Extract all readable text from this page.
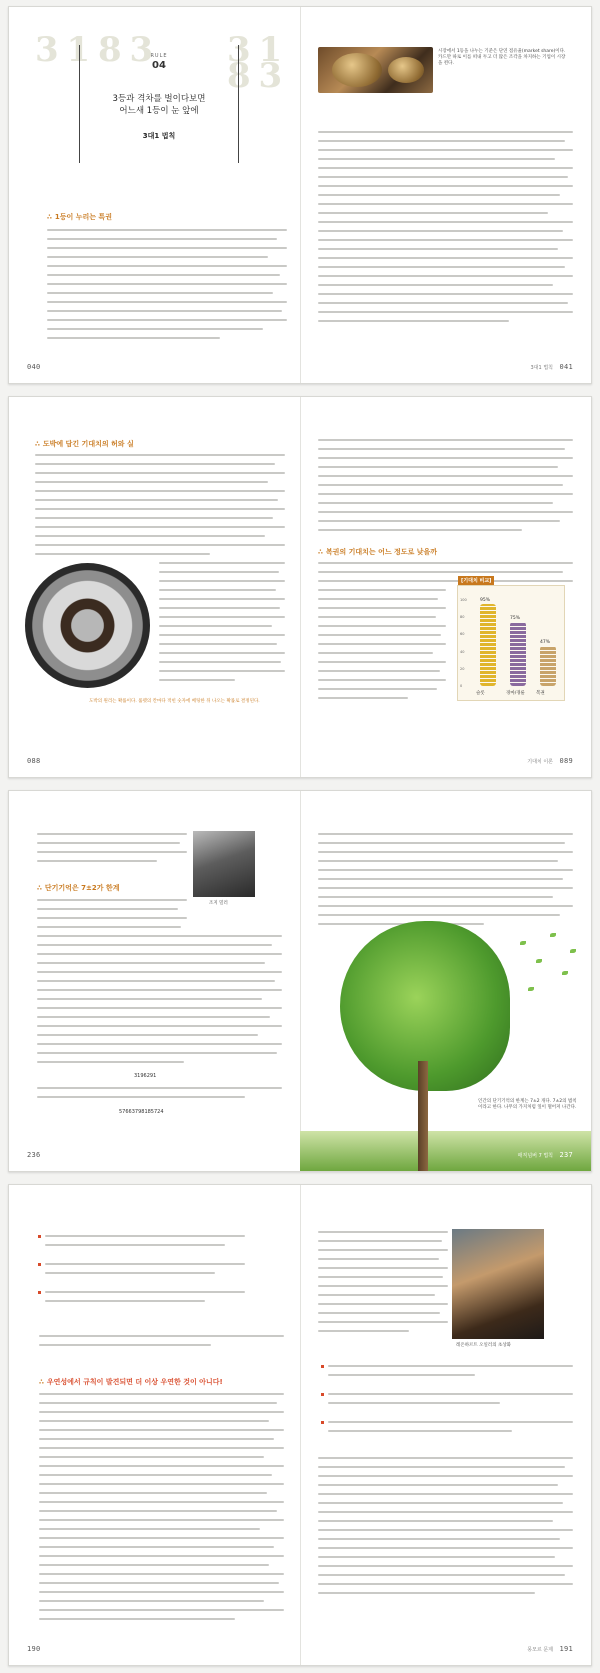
3 1 8 3 3 1 8 3
RULE
04
3등과 격차를 벌이다보면
어느새 1등이 눈 앞에
3대1 법칙
∴ 1등이 누리는 특권
040
시장에서 1등을 나누는 기준은 단연 점유율(market share)이다. 카드만 따로 이를 떠내 두고 더 많은 조각을 차지하는 기업이 시장을 쥔다.
3대1 법칙 041
∴ 도박에 담긴 기대치의 허와 실
도박의 원리는 확률이다. 룰렛의 칸마다 적힌 숫자에 베팅한 뒤 나오는 확률로 결정된다.
088
∴ 복권의 기대치는 어느 정도로 낮을까
[기대치 비교]
0
20
40
60
80
100	95%
슬롯
75%
경마/경륜
47%
복권
기대치 이론 089
조지 밀러
∴ 단기기억은 7±2가 한계
3196291
57663798185724
236
인간의 단기기억의 한계는 7±2 개다. 7±2의 법칙이라고 한다. 나무의 가지처럼 잎이 떨어져 나간다.
매직넘버 7 법칙 237
∴ 우연성에서 규칙이 발견되면 더 이상 우연한 것이 아니다!
190
레온하르트 오일러의 초상화
몽모르 문제 191
